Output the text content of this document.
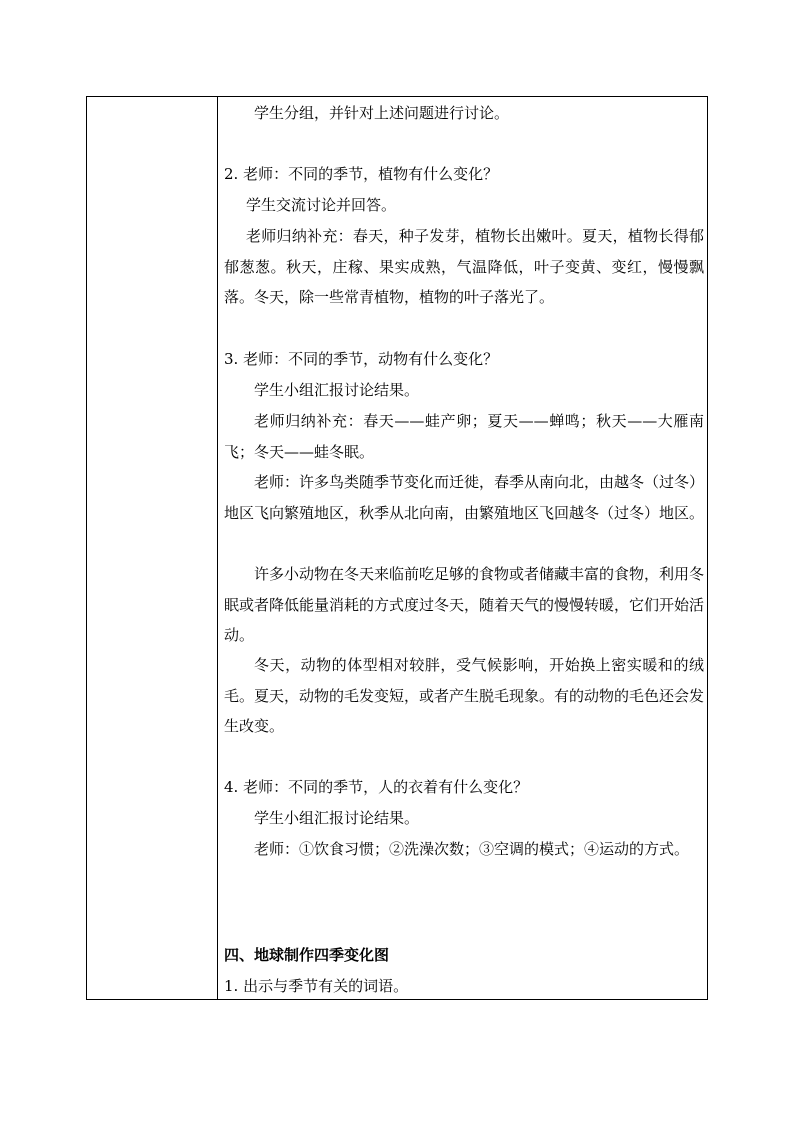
学生分组，并针对上述问题进行讨论。
2. 老师：不同的季节，植物有什么变化？
学生交流讨论并回答。
老师归纳补充：春天，种子发芽，植物长出嫩叶。夏天，植物长得郁郁葱葱。秋天，庄稼、果实成熟，气温降低，叶子变黄、变红，慢慢飘落。冬天，除一些常青植物，植物的叶子落光了。
3. 老师：不同的季节，动物有什么变化？
学生小组汇报讨论结果。
老师归纳补充：春天——蛙产卵；夏天——蝉鸣；秋天——大雁南飞；冬天——蛙冬眠。
老师：许多鸟类随季节变化而迁徙，春季从南向北，由越冬（过冬）地区飞向繁殖地区，秋季从北向南，由繁殖地区飞回越冬（过冬）地区。
许多小动物在冬天来临前吃足够的食物或者储藏丰富的食物，利用冬眠或者降低能量消耗的方式度过冬天，随着天气的慢慢转暖，它们开始活动。
冬天，动物的体型相对较胖，受气候影响，开始换上密实暖和的绒毛。夏天，动物的毛发变短，或者产生脱毛现象。有的动物的毛色还会发生改变。
4. 老师：不同的季节，人的衣着有什么变化？
学生小组汇报讨论结果。
老师：①饮食习惯；②洗澡次数；③空调的模式；④运动的方式。
四、地球制作四季变化图
1. 出示与季节有关的词语。
